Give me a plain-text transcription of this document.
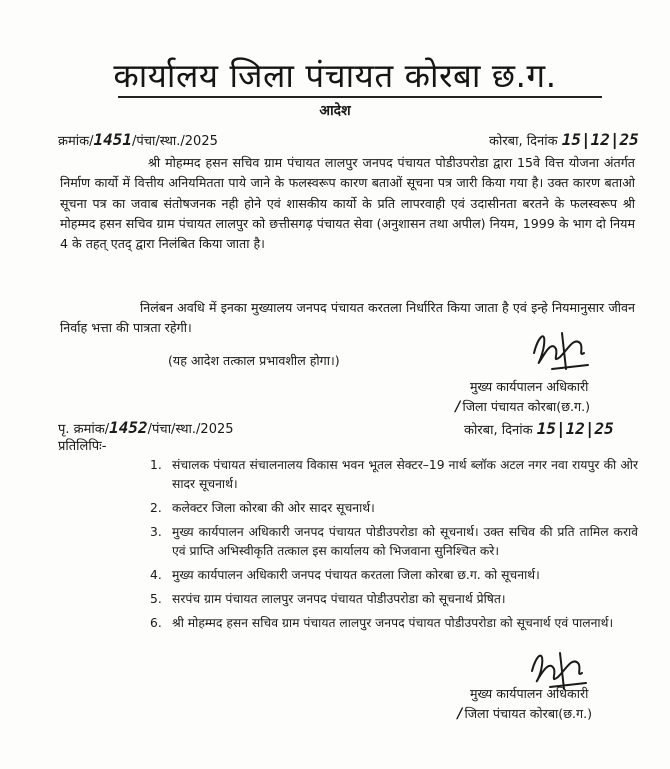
कार्यालय जिला पंचायत कोरबा छ.ग.
आदेश
क्रमांक/1451/पंचा/स्था./2025	कोरबा, दिनांक 15|12|25
श्री मोहम्मद हसन सचिव ग्राम पंचायत लालपुर जनपद पंचायत पोडीउपरोडा द्वारा 15वे वित्त योजना अंतर्गत निर्माण कार्यो में वित्तीय अनियमितता पाये जाने के फलस्वरूप कारण बताओं सूचना पत्र जारी किया गया है। उक्त कारण बताओ सूचना पत्र का जवाब संतोषजनक नही होने एवं शासकीय कार्यो के प्रति लापरवाही एवं उदासीनता बरतने के फलस्वरूप श्री मोहम्मद हसन सचिव ग्राम पंचायत लालपुर को छत्तीसगढ़ पंचायत सेवा (अनुशासन तथा अपील) नियम, 1999 के भाग दो नियम 4 के तहत् एतद् द्वारा निलंबित किया जाता है।
निलंबन अवधि में इनका मुख्यालय जनपद पंचायत करतला निर्धारित किया जाता है एवं इन्हे नियमानुसार जीवन निर्वाह भत्ता की पात्रता रहेगी।
(यह आदेश तत्काल प्रभावशील होगा।)
मुख्य कार्यपालन अधिकारी
/जिला पंचायत कोरबा(छ.ग.)
पृ. क्रमांक/1452/पंचा/स्था./2025	कोरबा, दिनांक 15|12|25
प्रतिलिपिः-
1. संचालक पंचायत संचालनालय विकास भवन भूतल सेक्टर–19 नार्थ ब्लॉक अटल नगर नवा रायपुर की ओर सादर सूचनार्थ।
2. कलेक्टर जिला कोरबा की ओर सादर सूचनार्थ।
3. मुख्य कार्यपालन अधिकारी जनपद पंचायत पोडीउपरोडा को सूचनार्थ। उक्त सचिव की प्रति तामिल करावे एवं प्राप्ति अभिस्वीकृति तत्काल इस कार्यालय को भिजवाना सुनिश्चित करे।
4. मुख्य कार्यपालन अधिकारी जनपद पंचायत करतला जिला कोरबा छ.ग. को सूचनार्थ।
5. सरपंच ग्राम पंचायत लालपुर जनपद पंचायत पोडीउपरोडा को सूचनार्थ प्रेषित।
6. श्री मोहम्मद हसन सचिव ग्राम पंचायत लालपुर जनपद पंचायत पोडीउपरोडा को सूचनार्थ एवं पालनार्थ।
मुख्य कार्यपालन अधिकारी
/जिला पंचायत कोरबा(छ.ग.)
